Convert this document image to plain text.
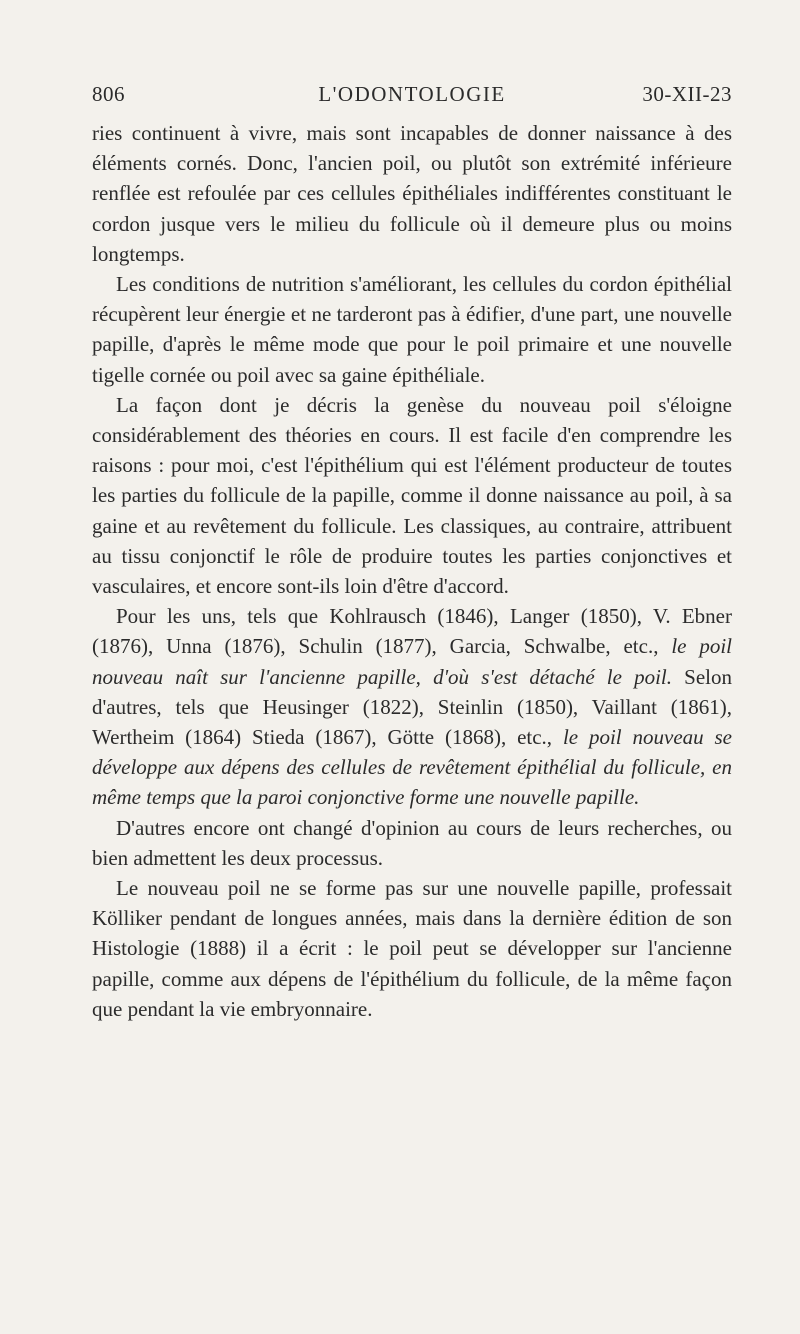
806	L'ODONTOLOGIE	30-XII-23

ries continuent à vivre, mais sont incapables de donner naissance à des éléments cornés. Donc, l'ancien poil, ou plutôt son extrémité inférieure renflée est refoulée par ces cellules épithéliales indifférentes constituant le cordon jusque vers le milieu du follicule où il demeure plus ou moins longtemps.

Les conditions de nutrition s'améliorant, les cellules du cordon épithélial récupèrent leur énergie et ne tarderont pas à édifier, d'une part, une nouvelle papille, d'après le même mode que pour le poil primaire et une nouvelle tigelle cornée ou poil avec sa gaine épithéliale.

La façon dont je décris la genèse du nouveau poil s'éloigne considérablement des théories en cours. Il est facile d'en comprendre les raisons : pour moi, c'est l'épithélium qui est l'élément producteur de toutes les parties du follicule de la papille, comme il donne naissance au poil, à sa gaine et au revêtement du follicule. Les classiques, au contraire, attribuent au tissu conjonctif le rôle de produire toutes les parties conjonctives et vasculaires, et encore sont-ils loin d'être d'accord.

Pour les uns, tels que Kohlrausch (1846), Langer (1850), V. Ebner (1876), Unna (1876), Schulin (1877), Garcia, Schwalbe, etc., le poil nouveau naît sur l'ancienne papille, d'où s'est détaché le poil. Selon d'autres, tels que Heusinger (1822), Steinlin (1850), Vaillant (1861), Wertheim (1864) Stieda (1867), Götte (1868), etc., le poil nouveau se développe aux dépens des cellules de revêtement épithélial du follicule, en même temps que la paroi conjonctive forme une nouvelle papille.

D'autres encore ont changé d'opinion au cours de leurs recherches, ou bien admettent les deux processus.

Le nouveau poil ne se forme pas sur une nouvelle papille, professait Kölliker pendant de longues années, mais dans la dernière édition de son Histologie (1888) il a écrit : le poil peut se développer sur l'ancienne papille, comme aux dépens de l'épithélium du follicule, de la même façon que pendant la vie embryonnaire.
